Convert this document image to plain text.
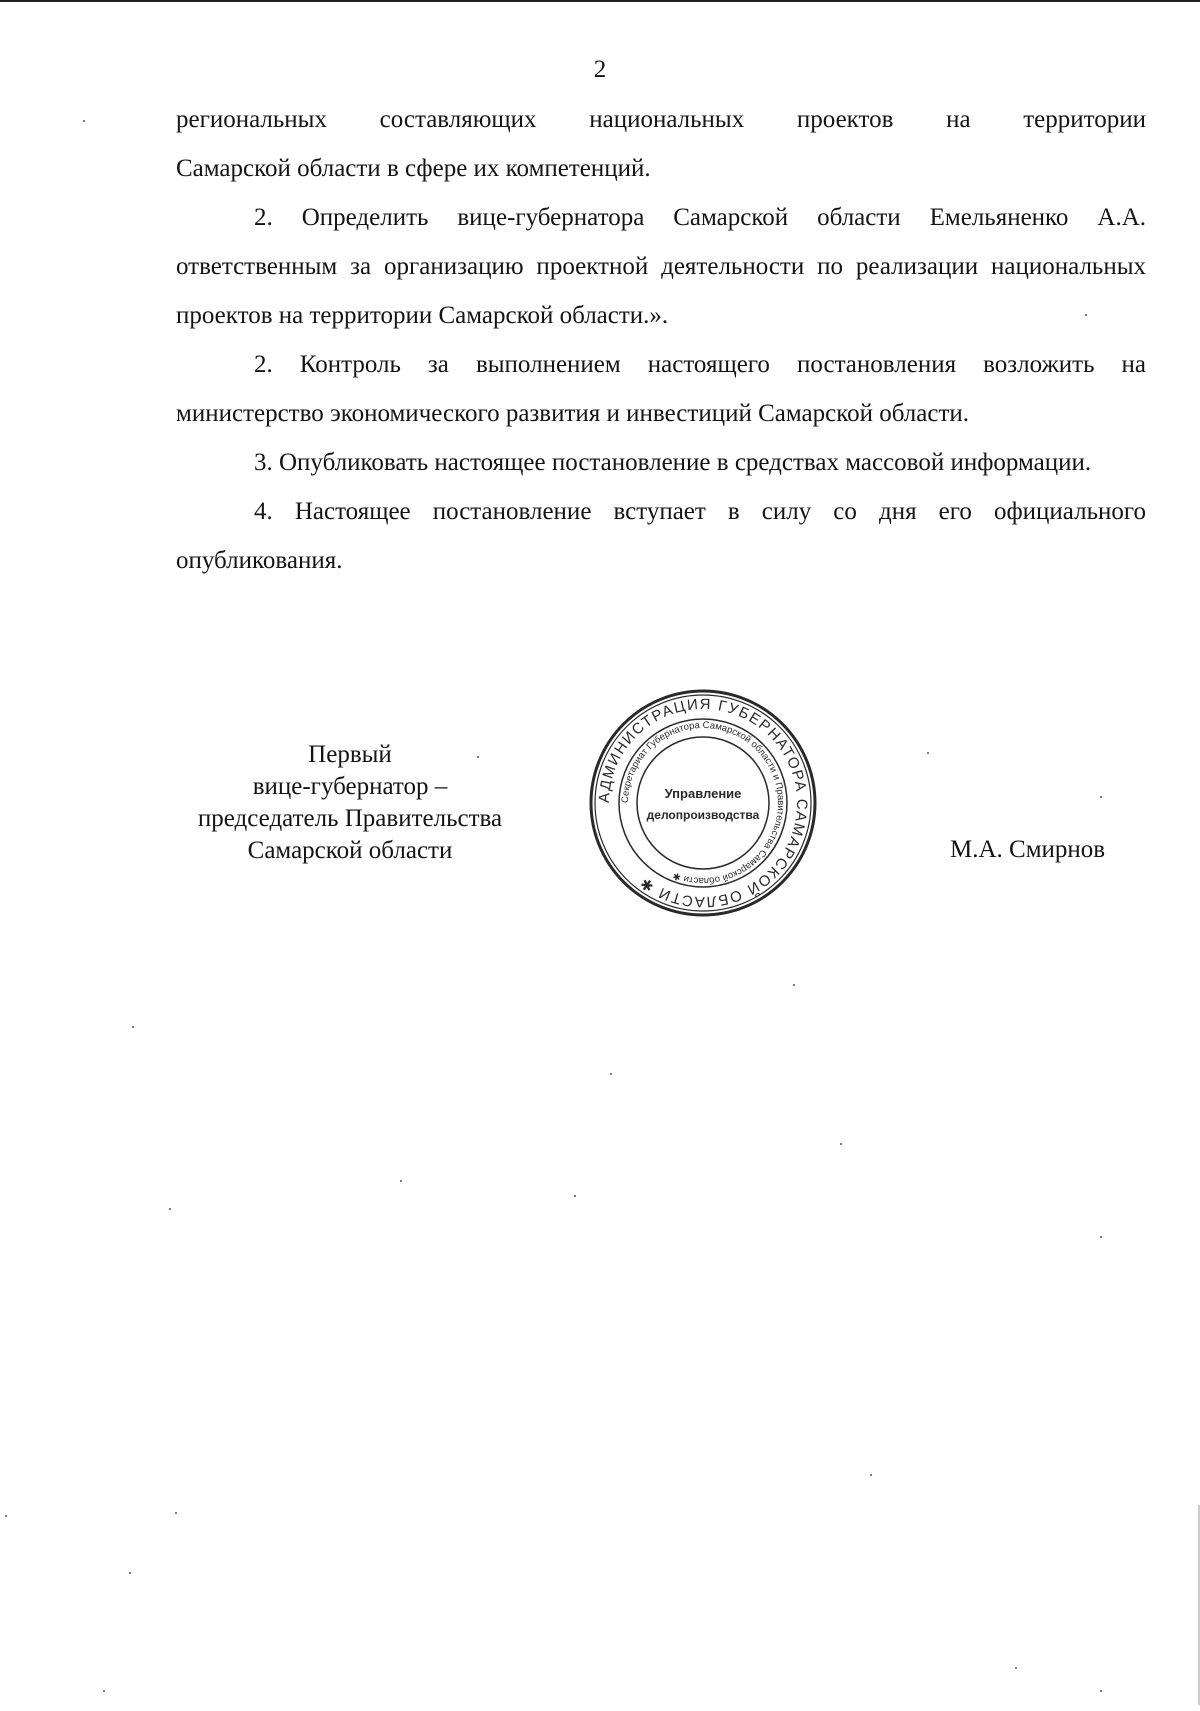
2

региональных составляющих национальных проектов на территории

Самарской области в сфере их компетенций.

2. Определить вице-губернатора Самарской области Емельяненко А.А. ответственным за организацию проектной деятельности по реализации национальных проектов на территории Самарской области.».

2. Контроль за выполнением настоящего постановления возложить на министерство экономического развития и инвестиций Самарской области.

3. Опубликовать настоящее постановление в средствах массовой информации.

4. Настоящее постановление вступает в силу со дня его официального опубликования.

Первый
вице-губернатор –
председатель Правительства
Самарской области
АДМИНИСТРАЦИЯ ГУБЕРНАТОРА САМАРСКОЙ ОБЛАСТИ ✱
Секретариат Губернатора Самарской области и Правительства Самарской области ✱
Управление
делопроизводства
М.А. Смирнов
